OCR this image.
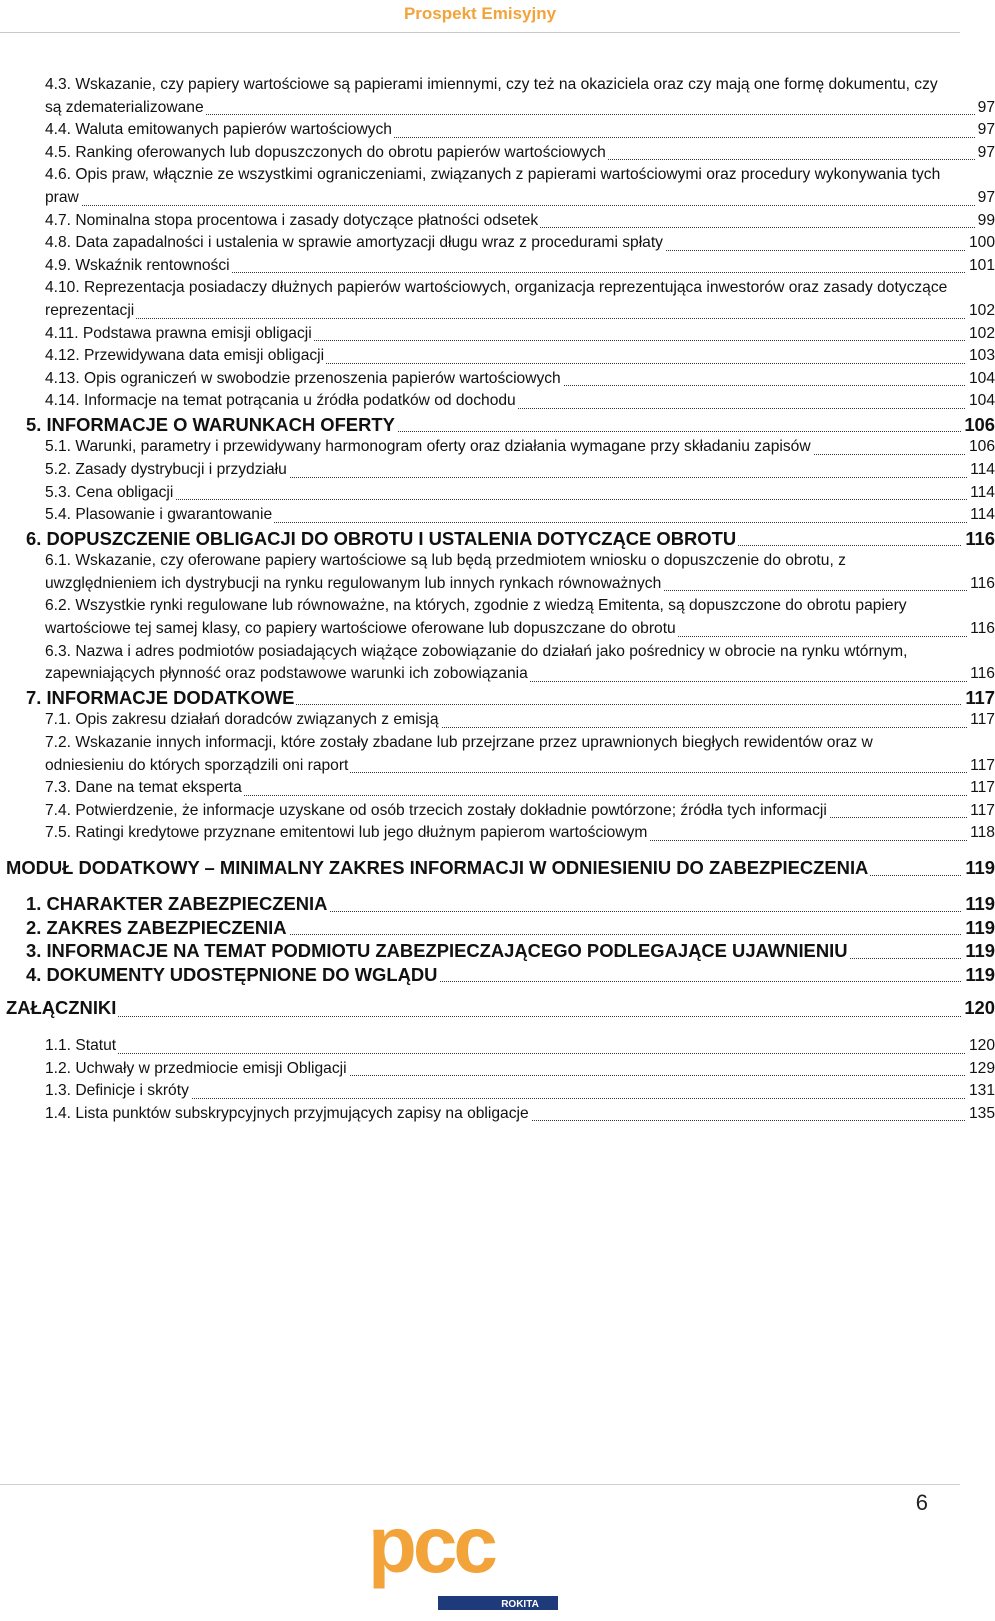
Prospekt Emisyjny
4.3. Wskazanie, czy papiery wartościowe są papierami imiennymi, czy też na okaziciela oraz czy mają one formę dokumentu, czy są zdematerializowane	97
4.4. Waluta emitowanych papierów wartościowych	97
4.5. Ranking oferowanych lub dopuszczonych do obrotu papierów wartościowych	97
4.6. Opis praw, włącznie ze wszystkimi ograniczeniami, związanych z papierami wartościowymi oraz procedury wykonywania tych praw	97
4.7. Nominalna stopa procentowa i zasady dotyczące płatności odsetek	99
4.8. Data zapadalności i ustalenia w sprawie amortyzacji długu wraz z procedurami spłaty	100
4.9. Wskaźnik rentowności	101
4.10. Reprezentacja posiadaczy dłużnych papierów wartościowych, organizacja reprezentująca inwestorów oraz zasady dotyczące reprezentacji	102
4.11. Podstawa prawna emisji obligacji	102
4.12. Przewidywana data emisji obligacji	103
4.13. Opis ograniczeń w swobodzie przenoszenia papierów wartościowych	104
4.14. Informacje na temat potrącania u źródła podatków od dochodu	104
5. INFORMACJE O WARUNKACH OFERTY	106
5.1. Warunki, parametry i przewidywany harmonogram oferty oraz działania wymagane przy składaniu zapisów	106
5.2. Zasady dystrybucji i przydziału	114
5.3. Cena obligacji	114
5.4. Plasowanie i gwarantowanie	114
6. DOPUSZCZENIE OBLIGACJI DO OBROTU I USTALENIA DOTYCZĄCE OBROTU	116
6.1. Wskazanie, czy oferowane papiery wartościowe są lub będą przedmiotem wniosku o dopuszczenie do obrotu, z uwzględnieniem ich dystrybucji na rynku regulowanym lub innych rynkach równoważnych	116
6.2. Wszystkie rynki regulowane lub równoważne, na których, zgodnie z wiedzą Emitenta, są dopuszczone do obrotu papiery wartościowe tej samej klasy, co papiery wartościowe oferowane lub dopuszczane do obrotu	116
6.3. Nazwa i adres podmiotów posiadających wiążące zobowiązanie do działań jako pośrednicy w obrocie na rynku wtórnym, zapewniających płynność oraz podstawowe warunki ich zobowiązania	116
7. INFORMACJE DODATKOWE	117
7.1. Opis zakresu działań doradców związanych z emisją	117
7.2. Wskazanie innych informacji, które zostały zbadane lub przejrzane przez uprawnionych biegłych rewidentów oraz w odniesieniu do których sporządzili oni raport	117
7.3. Dane na temat eksperta	117
7.4. Potwierdzenie, że informacje uzyskane od osób trzecich zostały dokładnie powtórzone; źródła tych informacji	117
7.5. Ratingi kredytowe przyznane emitentowi lub jego dłużnym papierom wartościowym	118
MODUŁ DODATKOWY – MINIMALNY ZAKRES INFORMACJI W ODNIESIENIU DO ZABEZPIECZENIA	119
1. CHARAKTER ZABEZPIECZENIA	119
2. ZAKRES ZABEZPIECZENIA	119
3. INFORMACJE NA TEMAT PODMIOTU ZABEZPIECZAJĄCEGO PODLEGAJĄCE UJAWNIENIU	119
4. DOKUMENTY UDOSTĘPNIONE DO WGLĄDU	119
ZAŁĄCZNIKI	120
1.1. Statut	120
1.2. Uchwały w przedmiocie emisji Obligacji	129
1.3. Definicje i skróty	131
1.4. Lista punktów subskrypcyjnych przyjmujących zapisy na obligacje	135
6
pcc
ROKITA
